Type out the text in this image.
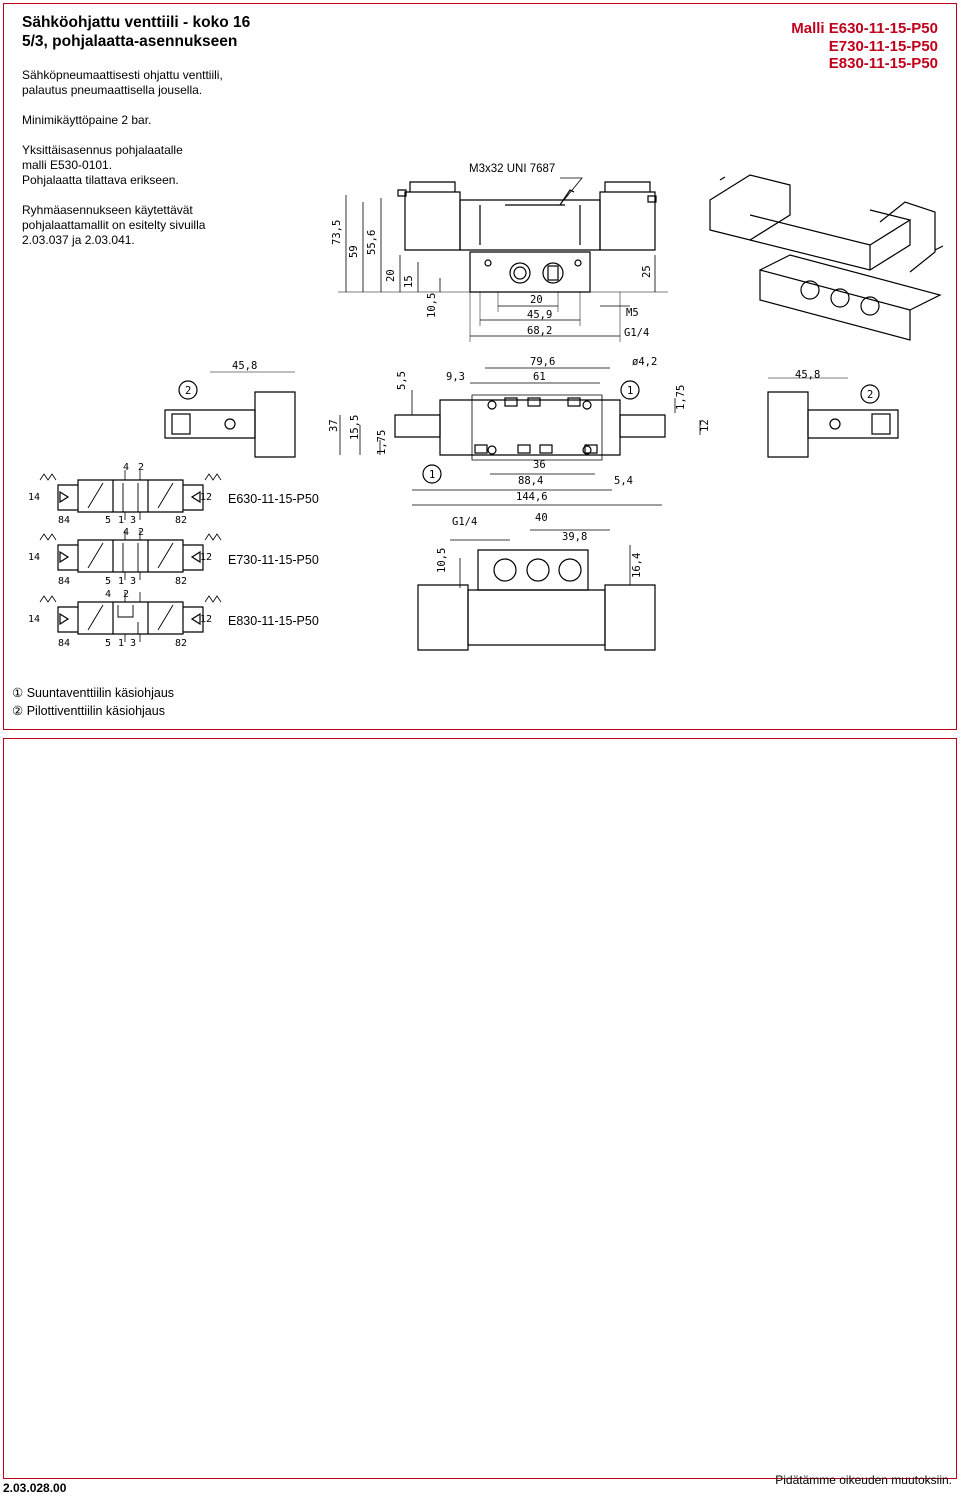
Sähköohjattu venttiili - koko 16
5/3, pohjalaatta-asennukseen
Sähköpneumaattisesti ohjattu venttiili,
palautus pneumaattisella jousella.
Minimikäyttöpaine 2 bar.
Yksittäisasennus pohjalaatalle
malli E530-0101.
Pohjalaatta tilattava erikseen.
Ryhmäasennukseen käytettävät
pohjalaattamallit on esitelty sivuilla
2.03.037 ja 2.03.041.
Malli E630-11-15-P50
E730-11-15-P50
E830-11-15-P50
73,5
59 55,6
20 15
10,5
25
20
45,9
68,2
M5
G1/4
45,8
5,5	9,3
79,6
61
ø4,2
1,75
12
37 15,5
1,75
45,8
36
88,4	5,4
144,6
G1/4	40
39,8
10,5	16,4
2	1
1
2
4 2
14	12
84	5 1 3	82
4 2
14	12
84	5 1 3	82
4 2
14	12
84	5 1 3	82
M3x32 UNI 7687
E630-11-15-P50
E730-11-15-P50
E830-11-15-P50
① Suuntaventtiilin käsiohjaus
② Pilottiventtiilin käsiohjaus
2.03.028.00
Pidätämme oikeuden muutoksiin.
